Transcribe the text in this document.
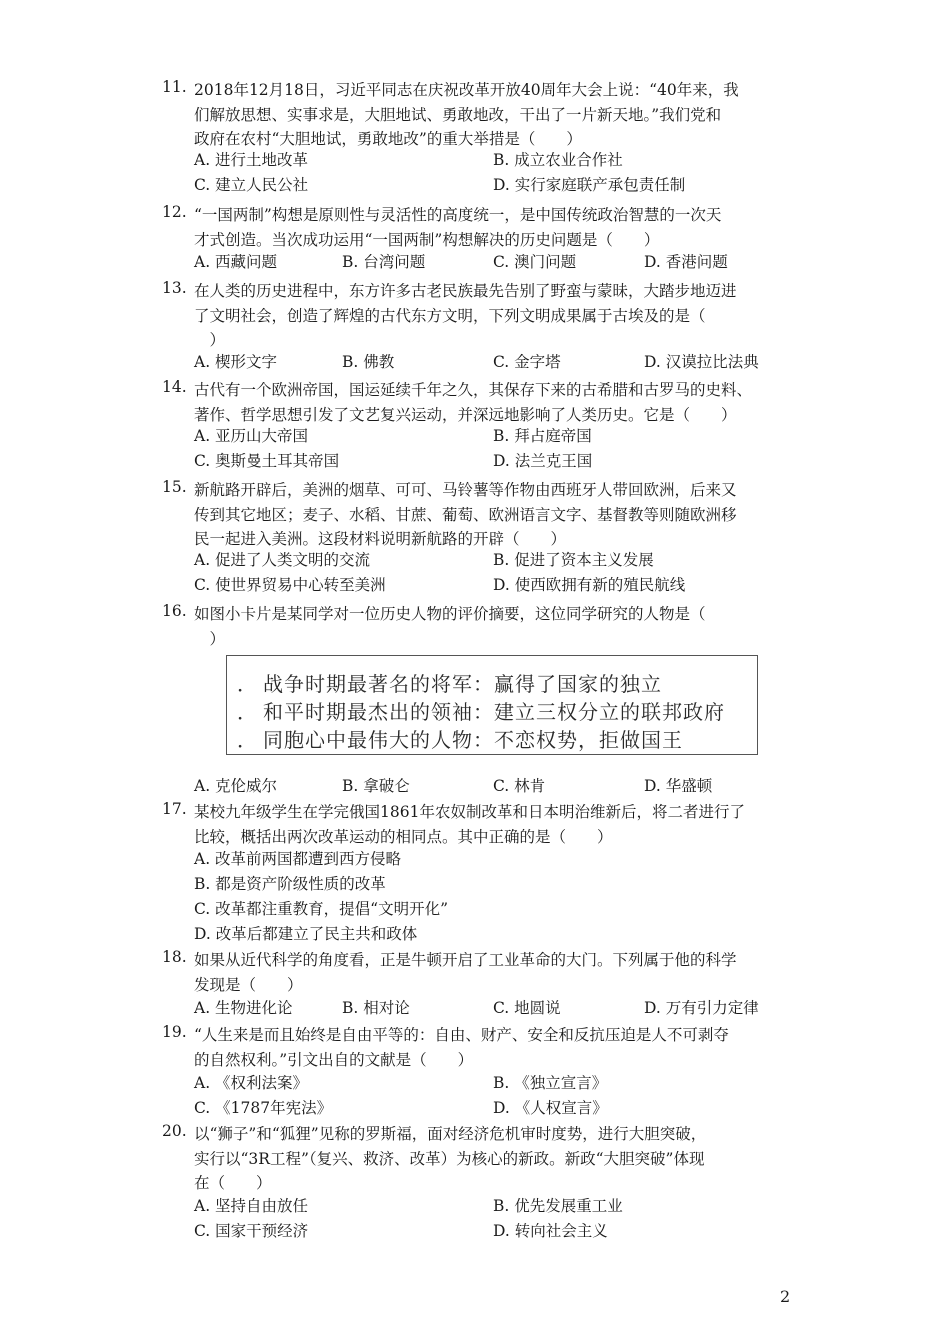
11. 2018年12月18日，习近平同志在庆祝改革开放40周年大会上说：“40年来，我
们解放思想、实事求是，大胆地试、勇敢地改，干出了一片新天地。”我们党和
政府在农村“大胆地试，勇敢地改”的重大举措是（　　）
A. 进行土地改革	B. 成立农业合作社
C. 建立人民公社	D. 实行家庭联产承包责任制
12. “一国两制”构想是原则性与灵活性的高度统一，是中国传统政治智慧的一次天
才式创造。当次成功运用“一国两制”构想解决的历史问题是（　　）
A. 西藏问题	B. 台湾问题	C. 澳门问题	D. 香港问题
13. 在人类的历史进程中，东方许多古老民族最先告别了野蛮与蒙昧，大踏步地迈进
了文明社会，创造了辉煌的古代东方文明，下列文明成果属于古埃及的是（
　）
A. 楔形文字	B. 佛教	C. 金字塔	D. 汉谟拉比法典
14. 古代有一个欧洲帝国，国运延续千年之久，其保存下来的古希腊和古罗马的史料、
著作、哲学思想引发了文艺复兴运动，并深远地影响了人类历史。它是（　　）
A. 亚历山大帝国	B. 拜占庭帝国
C. 奥斯曼土耳其帝国	D. 法兰克王国
15. 新航路开辟后，美洲的烟草、可可、马铃薯等作物由西班牙人带回欧洲，后来又
传到其它地区；麦子、水稻、甘蔗、葡萄、欧洲语言文字、基督教等则随欧洲移
民一起进入美洲。这段材料说明新航路的开辟（　　）
A. 促进了人类文明的交流	B. 促进了资本主义发展
C. 使世界贸易中心转至美洲	D. 使西欧拥有新的殖民航线
16. 如图小卡片是某同学对一位历史人物的评价摘要，这位同学研究的人物是（
　）
A. 克伦威尔	B. 拿破仑	C. 林肯	D. 华盛顿
17. 某校九年级学生在学完俄国1861年农奴制改革和日本明治维新后，将二者进行了
比较，概括出两次改革运动的相同点。其中正确的是（　　）
A. 改革前两国都遭到西方侵略
B. 都是资产阶级性质的改革
C. 改革都注重教育，提倡“文明开化”
D. 改革后都建立了民主共和政体
18. 如果从近代科学的角度看，正是牛顿开启了工业革命的大门。下列属于他的科学
发现是（　　）
A. 生物进化论	B. 相对论	C. 地圆说	D. 万有引力定律
19. “人生来是而且始终是自由平等的：自由、财产、安全和反抗压迫是人不可剥夺
的自然权利。”引文出自的文献是（　　）
A. 《权利法案》	B. 《独立宣言》
C. 《1787年宪法》	D. 《人权宣言》
20. 以“狮子”和“狐狸”见称的罗斯福，面对经济危机审时度势，进行大胆突破，
实行以“3R工程”（复兴、救济、改革）为核心的新政。新政“大胆突破”体现
在（　　）
A. 坚持自由放任	B. 优先发展重工业
C. 国家干预经济	D. 转向社会主义
． 战争时期最著名的将军：赢得了国家的独立
． 和平时期最杰出的领袖：建立三权分立的联邦政府
． 同胞心中最伟大的人物：不恋权势，拒做国王
2
